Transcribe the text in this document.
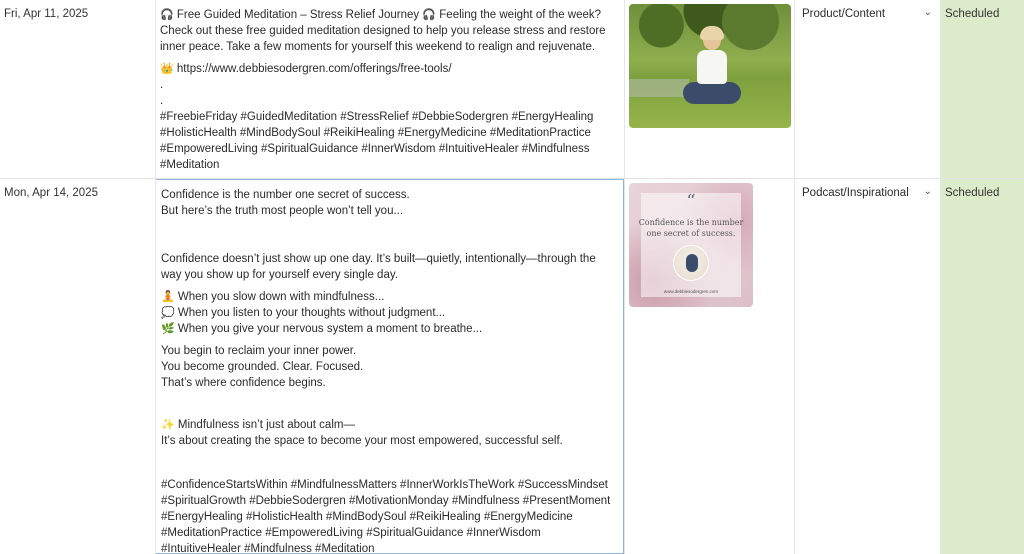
Fri, Apr 11, 2025	🎧 Free Guided Meditation – Stress Relief Journey 🎧 Feeling the weight of the week? Check out these free guided meditation designed to help you release stress and restore inner peace. Take a few moments for yourself this weekend to realign and rejuvenate.
👑 https://www.debbiesodergren.com/offerings/free-tools/
.
.
#FreebieFriday #GuidedMeditation #StressRelief #DebbieSodergren #EnergyHealing #HolisticHealth #MindBodySoul #ReikiHealing #EnergyMedicine #MeditationPractice #EmpoweredLiving #SpiritualGuidance #InnerWisdom #IntuitiveHealer #Mindfulness #Meditation
Product/Content	⌄	Scheduled
Mon, Apr 14, 2025	Confidence is the number one secret of success.
But here’s the truth most people won’t tell you...
Confidence doesn’t just show up one day. It’s built—quietly, intentionally—through the way you show up for yourself every single day.
🧘 When you slow down with mindfulness...
💭 When you listen to your thoughts without judgment...
🌿 When you give your nervous system a moment to breathe...
You begin to reclaim your inner power.
You become grounded. Clear. Focused.
That’s where confidence begins.
✨ Mindfulness isn’t just about calm—
It’s about creating the space to become your most empowered, successful self.
#ConfidenceStartsWithin #MindfulnessMatters #InnerWorkIsTheWork #SuccessMindset #SpiritualGrowth #DebbieSodergren #MotivationMonday #Mindfulness #PresentMoment #EnergyHealing #HolisticHealth #MindBodySoul #ReikiHealing #EnergyMedicine #MeditationPractice #EmpoweredLiving #SpiritualGuidance #InnerWisdom #IntuitiveHealer #Mindfulness #Meditation
“
Confidence is the number
one secret of success.
www.debbiesodergren.com
Podcast/Inspirational	⌄	Scheduled
